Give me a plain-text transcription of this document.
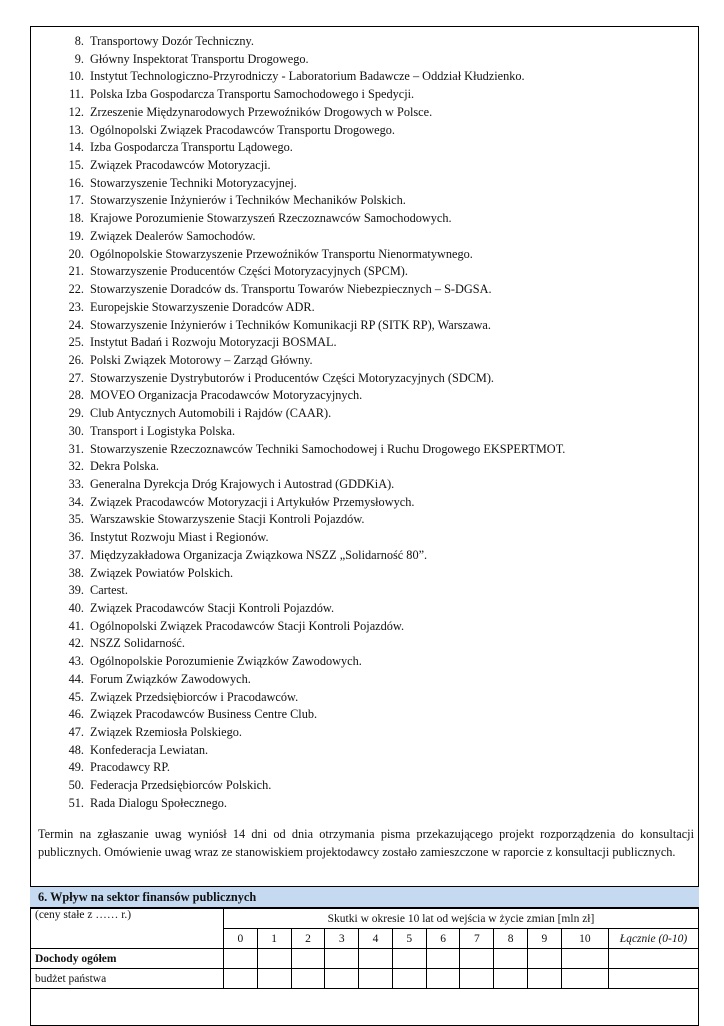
8. Transportowy Dozór Techniczny.
9. Główny Inspektorat Transportu Drogowego.
10. Instytut Technologiczno-Przyrodniczy - Laboratorium Badawcze – Oddział Kłudzienko.
11. Polska Izba Gospodarcza Transportu Samochodowego i Spedycji.
12. Zrzeszenie Międzynarodowych Przewoźników Drogowych w Polsce.
13. Ogólnopolski Związek Pracodawców Transportu Drogowego.
14. Izba Gospodarcza Transportu Lądowego.
15. Związek Pracodawców Motoryzacji.
16. Stowarzyszenie Techniki Motoryzacyjnej.
17. Stowarzyszenie Inżynierów i Techników Mechaników Polskich.
18. Krajowe Porozumienie Stowarzyszeń Rzeczoznawców Samochodowych.
19. Związek Dealerów Samochodów.
20. Ogólnopolskie Stowarzyszenie Przewoźników Transportu Nienormatywnego.
21. Stowarzyszenie Producentów Części Motoryzacyjnych (SPCM).
22. Stowarzyszenie Doradców ds. Transportu Towarów Niebezpiecznych – S-DGSA.
23. Europejskie Stowarzyszenie Doradców ADR.
24. Stowarzyszenie Inżynierów i Techników Komunikacji RP (SITK RP), Warszawa.
25. Instytut Badań i Rozwoju Motoryzacji BOSMAL.
26. Polski Związek Motorowy – Zarząd Główny.
27. Stowarzyszenie Dystrybutorów i Producentów Części Motoryzacyjnych (SDCM).
28. MOVEO Organizacja Pracodawców Motoryzacyjnych.
29. Club Antycznych Automobili i Rajdów (CAAR).
30. Transport i Logistyka Polska.
31. Stowarzyszenie Rzeczoznawców Techniki Samochodowej i Ruchu Drogowego EKSPERTMOT.
32. Dekra Polska.
33. Generalna Dyrekcja Dróg Krajowych i Autostrad (GDDKiA).
34. Związek Pracodawców Motoryzacji i Artykułów Przemysłowych.
35. Warszawskie Stowarzyszenie Stacji Kontroli Pojazdów.
36. Instytut Rozwoju Miast i Regionów.
37. Międzyzakładowa Organizacja Związkowa NSZZ „Solidarność 80”.
38. Związek Powiatów Polskich.
39. Cartest.
40. Związek Pracodawców Stacji Kontroli Pojazdów.
41. Ogólnopolski Związek Pracodawców Stacji Kontroli Pojazdów.
42. NSZZ Solidarność.
43. Ogólnopolskie Porozumienie Związków Zawodowych.
44. Forum Związków Zawodowych.
45. Związek Przedsiębiorców i Pracodawców.
46. Związek Pracodawców Business Centre Club.
47. Związek Rzemiosła Polskiego.
48. Konfederacja Lewiatan.
49. Pracodawcy RP.
50. Federacja Przedsiębiorców Polskich.
51. Rada Dialogu Społecznego.
Termin na zgłaszanie uwag wyniósł 14 dni od dnia otrzymania pisma przekazującego projekt rozporządzenia do konsultacji publicznych. Omówienie uwag wraz ze stanowiskiem projektodawcy zostało zamieszczone w raporcie z konsultacji publicznych.
6. Wpływ na sektor finansów publicznych
(ceny stałe z …… r.)	Skutki w okresie 10 lat od wejścia w życie zmian [mln zł]											
	0	1	2	3	4	5	6	7	8	9	10	Łącznie (0-10)
Dochody ogółem												
budżet państwa												
